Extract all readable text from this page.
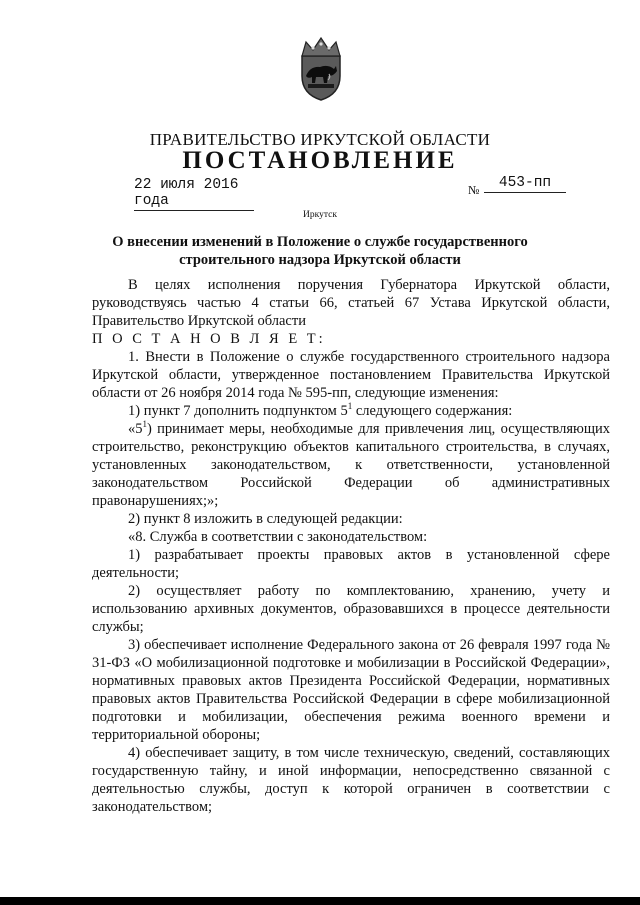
ПРАВИТЕЛЬСТВО ИРКУТСКОЙ ОБЛАСТИ
ПОСТАНОВЛЕНИЕ
22 июля 2016 года
№	453-пп
Иркутск
О внесении изменений в Положение о службе государственного
строительного надзора Иркутской области

В целях исполнения поручения Губернатора Иркутской области, руководствуясь частью 4 статьи 66, статьей 67 Устава Иркутской области, Правительство Иркутской области

П О С Т А Н О В Л Я Е Т:

1. Внести в Положение о службе государственного строительного надзора Иркутской области, утвержденное постановлением Правительства Иркутской области от 26 ноября 2014 года № 595-пп, следующие изменения:

1) пункт 7 дополнить подпунктом $5^1$ следующего содержания:

«$5^1$) принимает меры, необходимые для привлечения лиц, осуществляющих строительство, реконструкцию объектов капитального строительства, в случаях, установленных законодательством, к ответственности, установленной законодательством Российской Федерации об административных правонарушениях;»;

2) пункт 8 изложить в следующей редакции:

«8. Служба в соответствии с законодательством:

1) разрабатывает проекты правовых актов в установленной сфере деятельности;

2) осуществляет работу по комплектованию, хранению, учету и использованию архивных документов, образовавшихся в процессе деятельности службы;

3) обеспечивает исполнение Федерального закона от 26 февраля 1997 года № 31-ФЗ «О мобилизационной подготовке и мобилизации в Российской Федерации», нормативных правовых актов Президента Российской Федерации, нормативных правовых актов Правительства Российской Федерации в сфере мобилизационной подготовки и мобилизации, обеспечения режима военного времени и территориальной обороны;

4) обеспечивает защиту, в том числе техническую, сведений, составляющих государственную тайну, и иной информации, непосредственно связанной с деятельностью службы, доступ к которой ограничен в соответствии с законодательством;
